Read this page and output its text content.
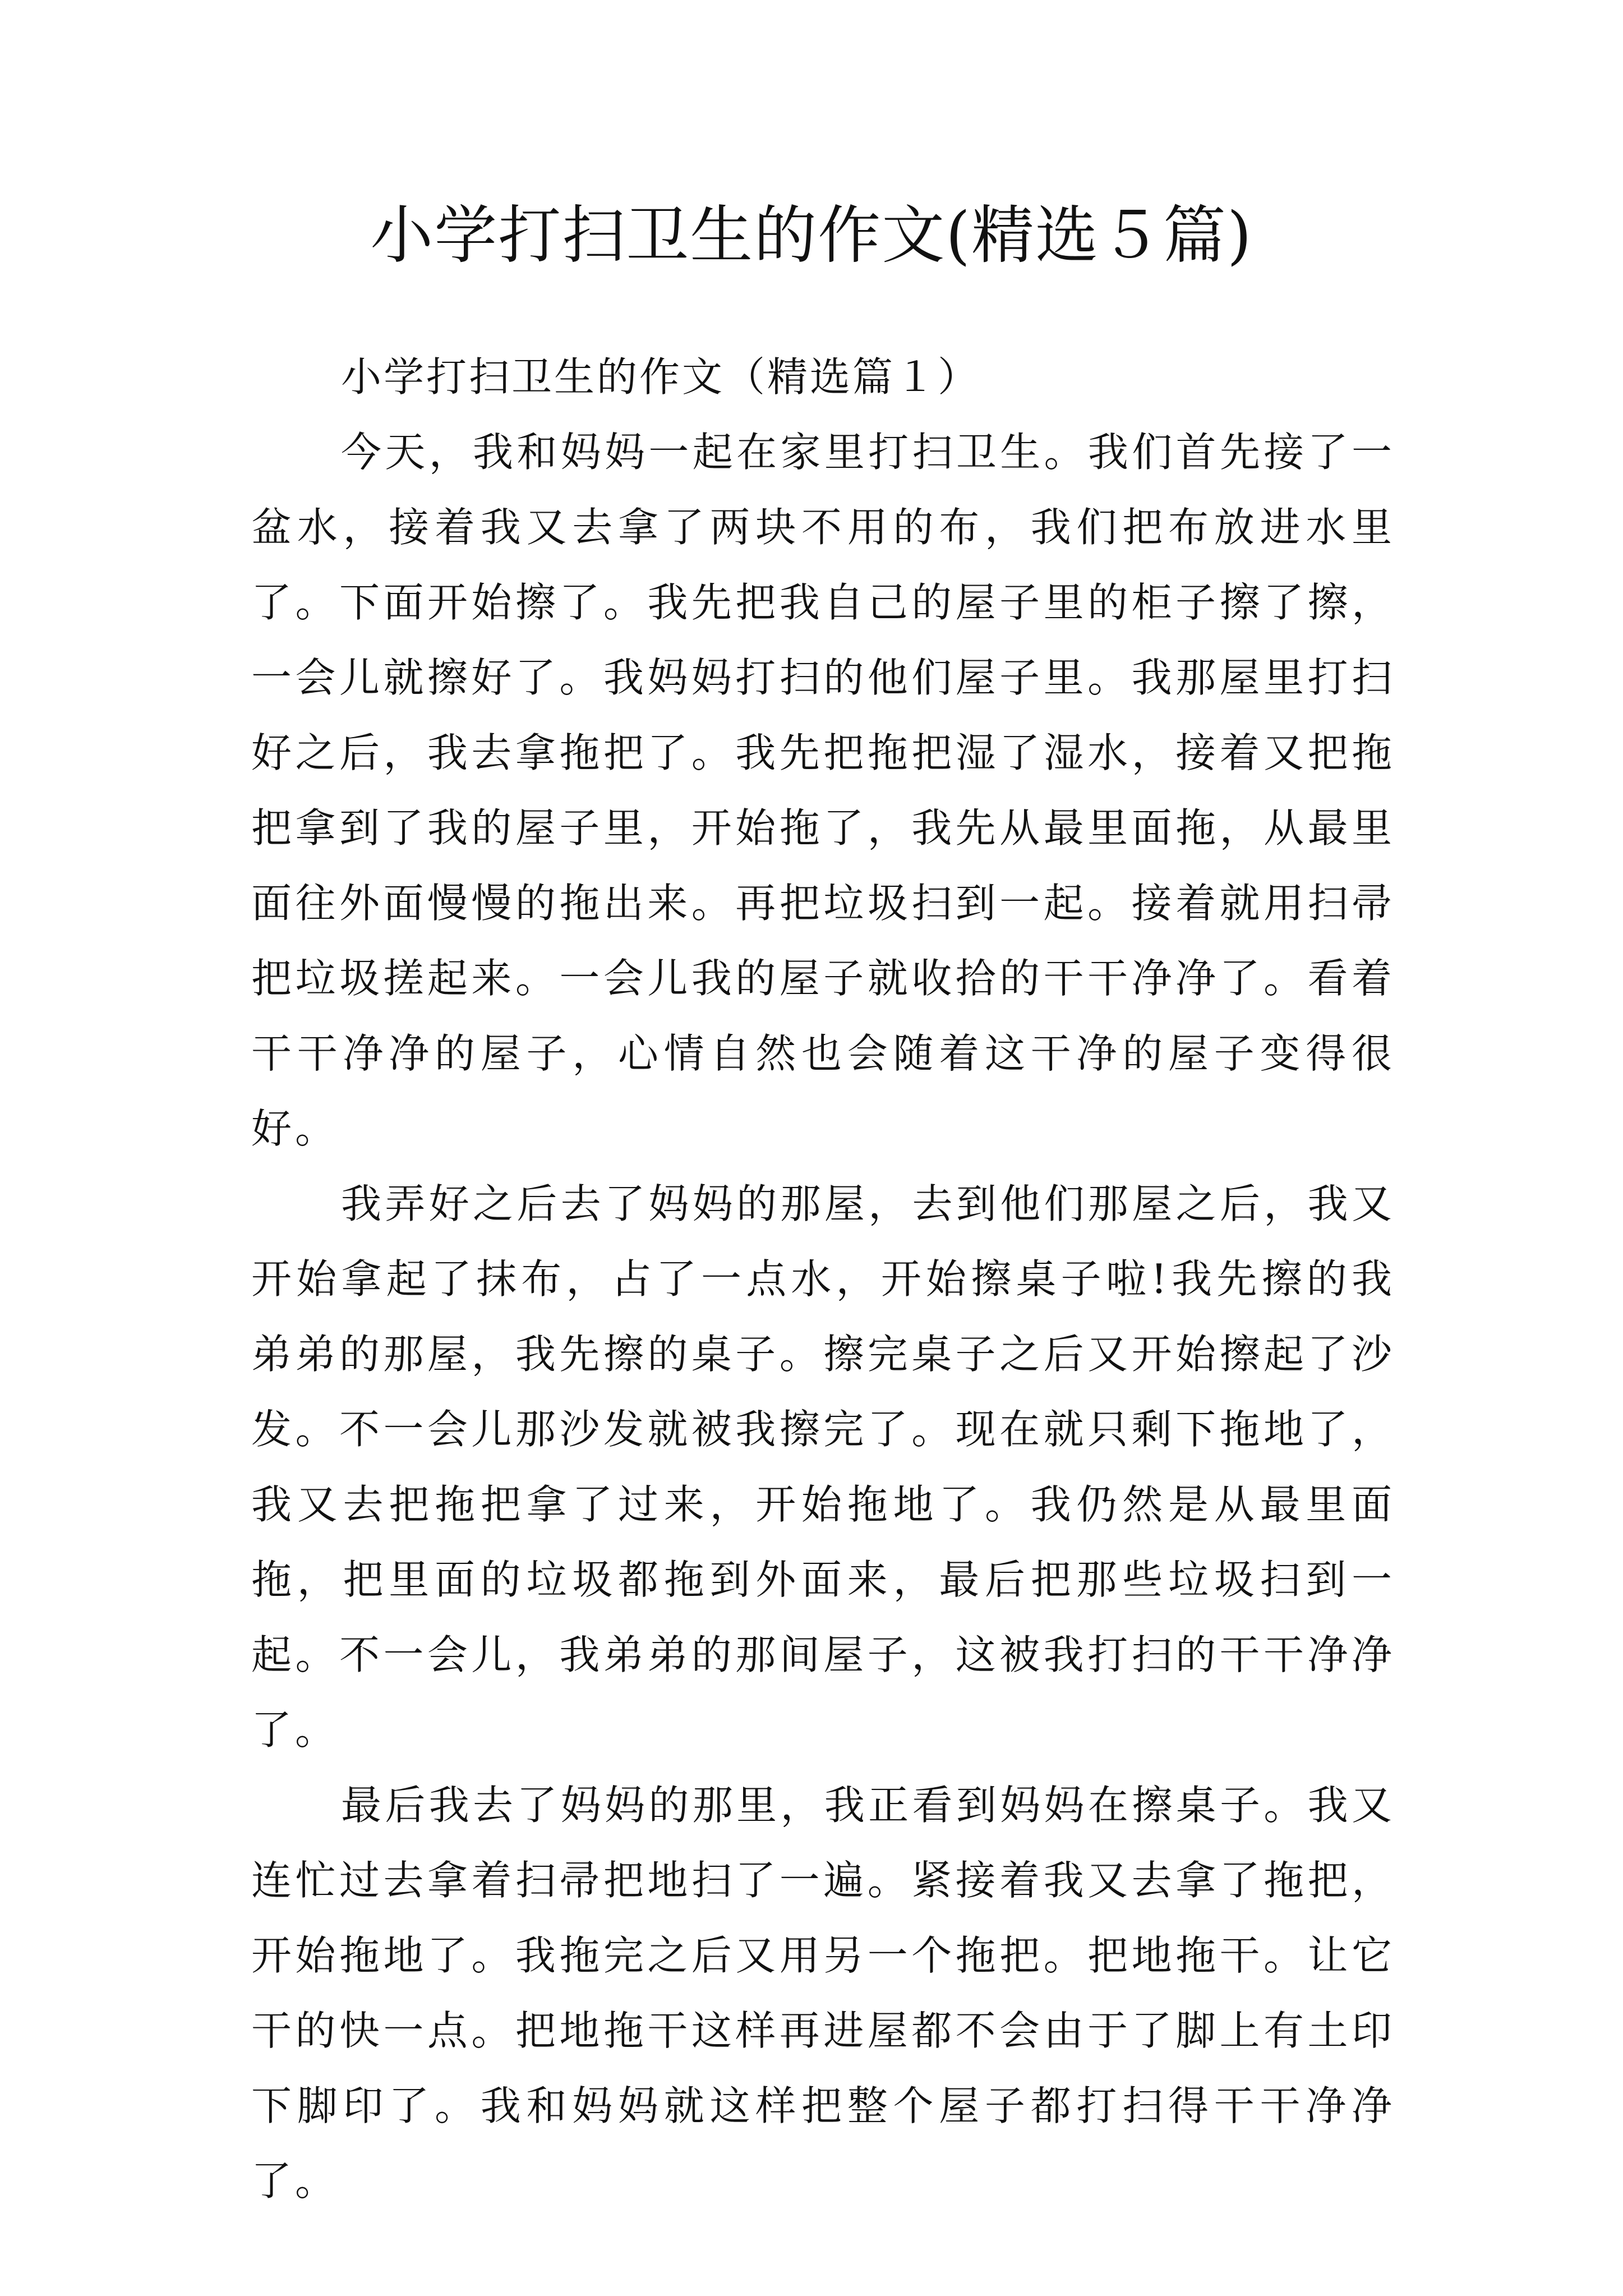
小学打扫卫生的作文(精选５篇)

小学打扫卫生的作文（精选篇１）

今天，我和妈妈一起在家里打扫卫生。我们首先接了一盆水，接着我又去拿了两块不用的布，我们把布放进水里了。下面开始擦了。我先把我自己的屋子里的柜子擦了擦，一会儿就擦好了。我妈妈打扫的他们屋子里。我那屋里打扫好之后，我去拿拖把了。我先把拖把湿了湿水，接着又把拖把拿到了我的屋子里，开始拖了，我先从最里面拖，从最里面往外面慢慢的拖出来。再把垃圾扫到一起。接着就用扫帚把垃圾搓起来。一会儿我的屋子就收拾的干干净净了。看着干干净净的屋子，心情自然也会随着这干净的屋子变得很好。

我弄好之后去了妈妈的那屋，去到他们那屋之后，我又开始拿起了抹布，占了一点水，开始擦桌子啦!我先擦的我弟弟的那屋，我先擦的桌子。擦完桌子之后又开始擦起了沙发。不一会儿那沙发就被我擦完了。现在就只剩下拖地了，我又去把拖把拿了过来，开始拖地了。我仍然是从最里面拖，把里面的垃圾都拖到外面来，最后把那些垃圾扫到一起。不一会儿，我弟弟的那间屋子，这被我打扫的干干净净了。

最后我去了妈妈的那里，我正看到妈妈在擦桌子。我又连忙过去拿着扫帚把地扫了一遍。紧接着我又去拿了拖把，开始拖地了。我拖完之后又用另一个拖把。把地拖干。让它干的快一点。把地拖干这样再进屋都不会由于了脚上有土印下脚印了。我和妈妈就这样把整个屋子都打扫得干干净净了。
